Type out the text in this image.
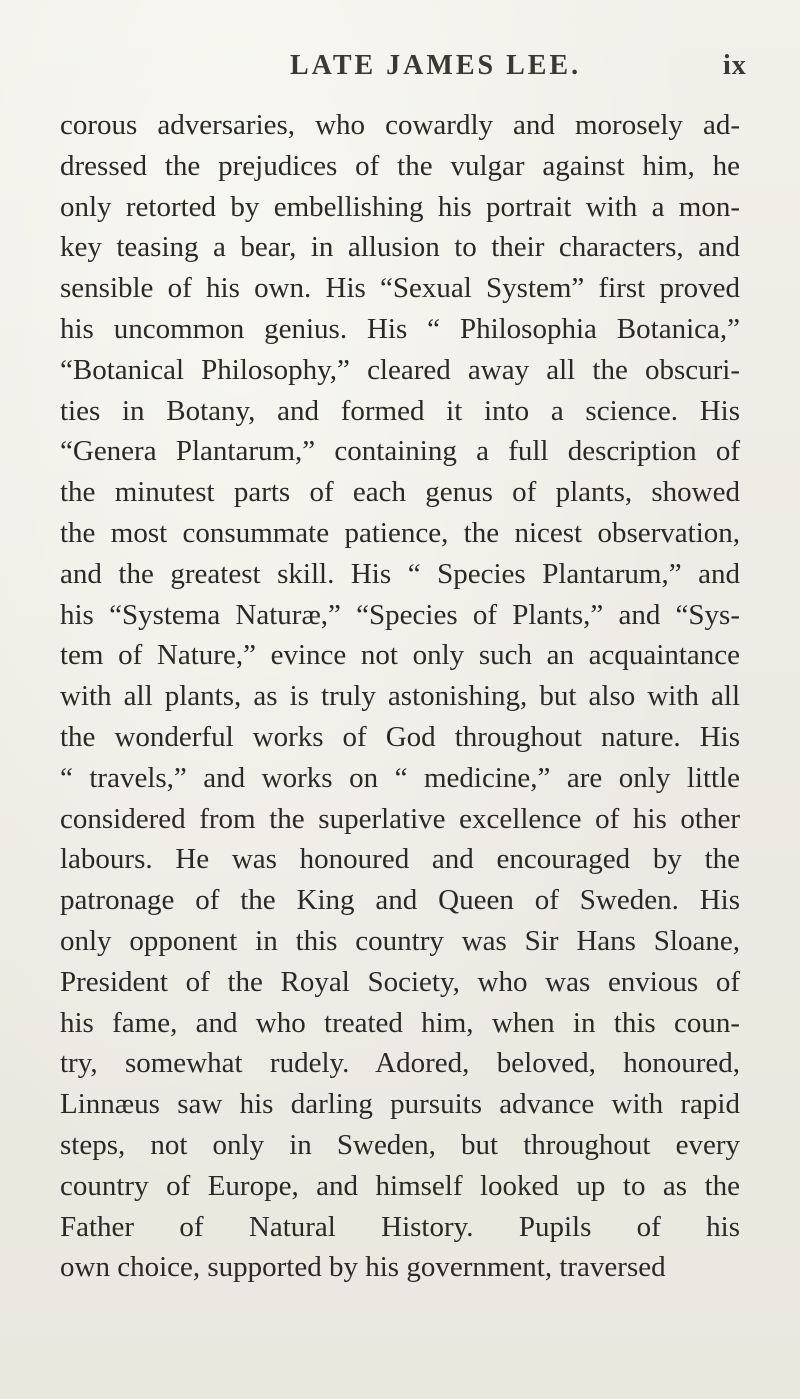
LATE JAMES LEE.	ix
corous adversaries, who cowardly and morosely ad-
dressed the prejudices of the vulgar against him, he
only retorted by embellishing his portrait with a mon-
key teasing a bear, in allusion to their characters, and
sensible of his own. His “Sexual System” first proved
his uncommon genius. His “ Philosophia Botanica,”
“Botanical Philosophy,” cleared away all the obscuri-
ties in Botany, and formed it into a science. His
“Genera Plantarum,” containing a full description of
the minutest parts of each genus of plants, showed
the most consummate patience, the nicest observation,
and the greatest skill. His “ Species Plantarum,” and
his “Systema Naturæ,” “Species of Plants,” and “Sys-
tem of Nature,” evince not only such an acquaintance
with all plants, as is truly astonishing, but also with all
the wonderful works of God throughout nature. His
“ travels,” and works on “ medicine,” are only little
considered from the superlative excellence of his other
labours. He was honoured and encouraged by the
patronage of the King and Queen of Sweden. His
only opponent in this country was Sir Hans Sloane,
President of the Royal Society, who was envious of
his fame, and who treated him, when in this coun-
try, somewhat rudely. Adored, beloved, honoured,
Linnæus saw his darling pursuits advance with rapid
steps, not only in Sweden, but throughout every
country of Europe, and himself looked up to as the
Father of Natural History. Pupils of his
own choice, supported by his government, traversed
